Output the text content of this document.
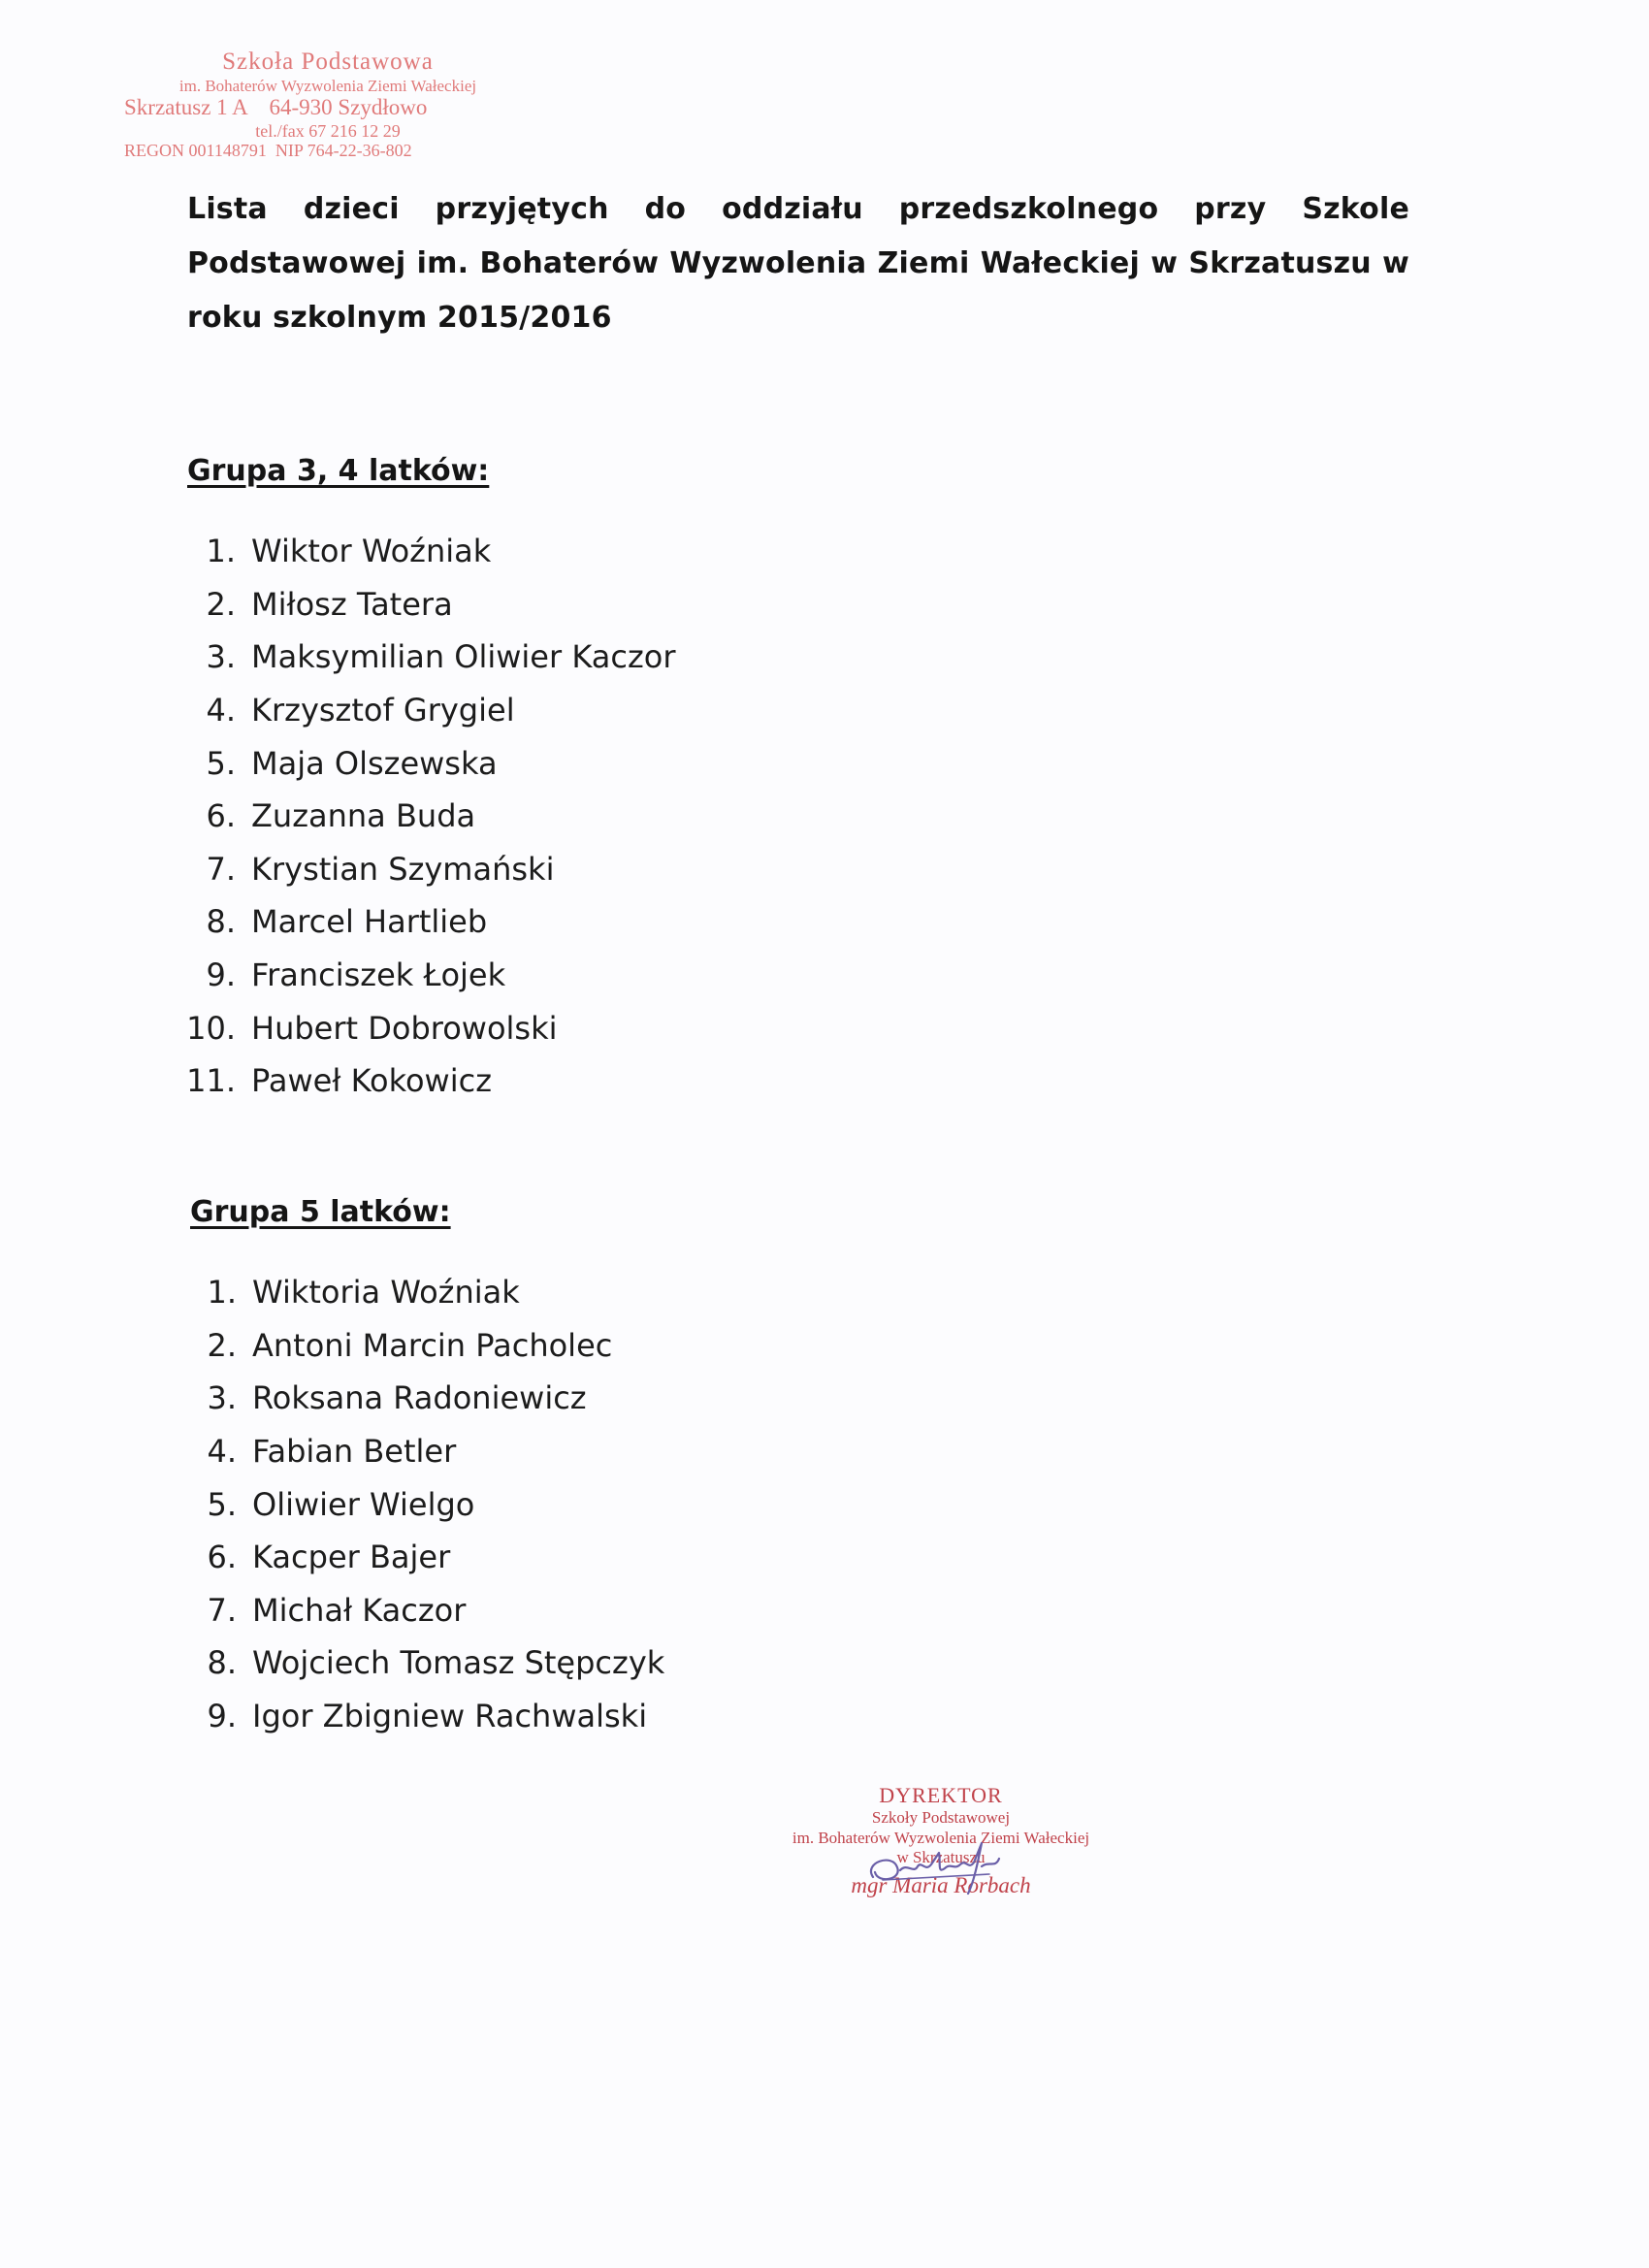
Szkoła Podstawowa
im. Bohaterów Wyzwolenia Ziemi Wałeckiej
Skrzatusz 1 A    64-930 Szydłowo
tel./fax 67 216 12 29
REGON 001148791  NIP 764-22-36-802
Lista dzieci przyjętych do oddziału przedszkolnego przy Szkole Podstawowej im. Bohaterów Wyzwolenia Ziemi Wałeckiej w Skrzatuszu w roku szkolnym 2015/2016
Grupa 3, 4 latków:
1. Wiktor Woźniak
2. Miłosz Tatera
3. Maksymilian Oliwier Kaczor
4. Krzysztof Grygiel
5. Maja Olszewska
6. Zuzanna Buda
7. Krystian Szymański
8. Marcel Hartlieb
9. Franciszek Łojek
10. Hubert Dobrowolski
11. Paweł Kokowicz
Grupa 5 latków:
1. Wiktoria Woźniak
2. Antoni Marcin Pacholec
3. Roksana Radoniewicz
4. Fabian Betler
5. Oliwier Wielgo
6. Kacper Bajer
7. Michał Kaczor
8. Wojciech Tomasz Stępczyk
9. Igor Zbigniew Rachwalski
DYREKTOR
Szkoły Podstawowej
im. Bohaterów Wyzwolenia Ziemi Wałeckiej
w Skrzatuszu
mgr Maria Rorbach
